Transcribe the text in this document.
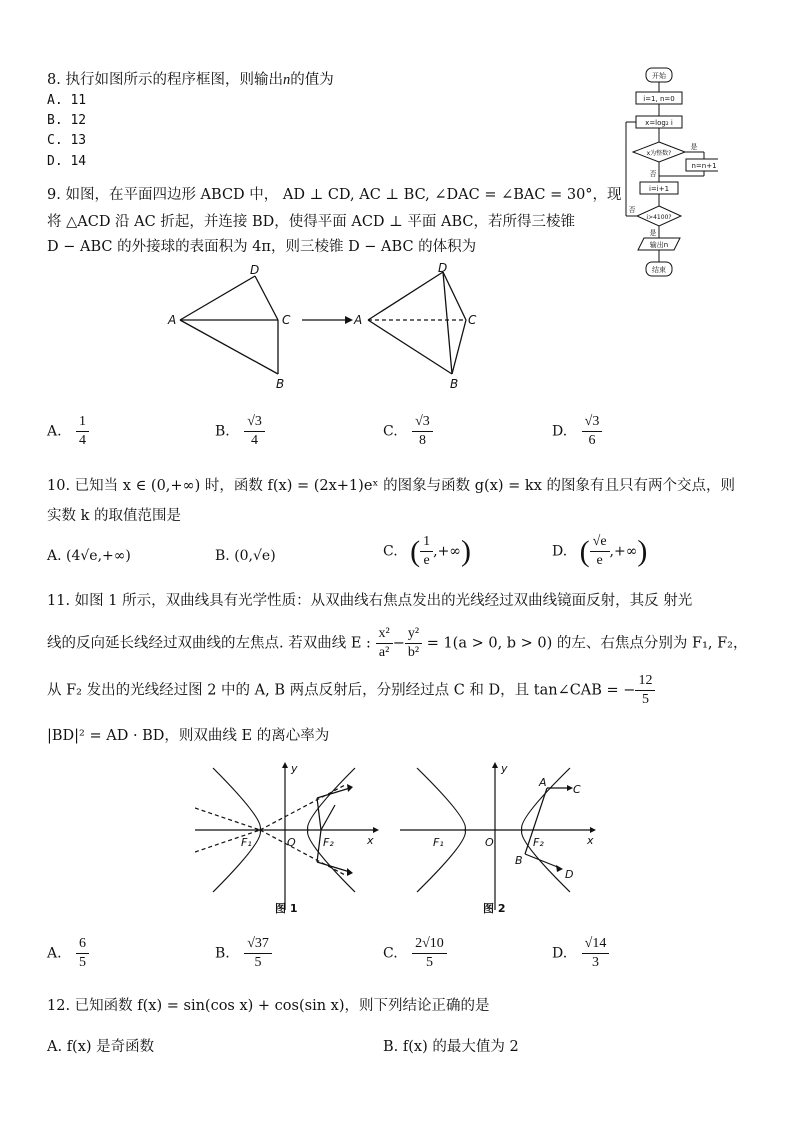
8. 执行如图所示的程序框图，则输出n的值为
A. 11
B. 12
C. 13
D. 14
开始
i=1, n=0
x=log₂ i
x为整数?
是
否
n=n+1
i=i+1
i>4100?
否
是
输出n
结束
9. 如图，在平面四边形 ABCD 中， AD ⊥ CD, AC ⊥ BC, ∠DAC = ∠BAC = 30°，现
将 △ACD 沿 AC 折起，并连接 BD，使得平面 ACD ⊥ 平面 ABC，若所得三棱锥
D − ABC 的外接球的表面积为 4π，则三棱锥 D − ABC 的体积为
D
A	C
B
D
A	C
B
A. $\frac{1}{4}$	B. $\frac{√3}{4}$	C. $\frac{√3}{8}$	D. $\frac{√3}{6}$
10. 已知当 x ∈ (0,+∞) 时，函数 f(x) = (2x+1)eˣ 的图象与函数 g(x) = kx 的图象有且只有两个交点，则
实数 k 的取值范围是
A. (4√e,+∞)	B. (0,√e)	C. ( $\frac{1}{e}$ ,+∞)	D. ( $\frac{√e}{e}$ ,+∞)
11. 如图 1 所示，双曲线具有光学性质：从双曲线右焦点发出的光线经过双曲线镜面反射，其反 射光
线的反向延长线经过双曲线的左焦点. 若双曲线 E : $\frac{\text{x²}}{\text{a²}} - \frac{\text{y²}}{\text{b²}} = 1(a > 0$, b > 0) 的左、右焦点分别为 F₁, F₂，
从 F₂ 发出的光线经过图 2 中的 A, B 两点反射后，分别经过点 C 和 D，且 tan∠CAB = − $\frac{12}{5}$
|BD|² = AD · BD，则双曲线 E 的离心率为
y
x
O
F₁	F₂
y
x
O
F₁	F₂
A
C
B
D
图 1	图 2
A. $\frac{6}{5}$	B. $\frac{√37}{5}$	C. $\frac{2√10}{5}$	D. $\frac{√14}{3}$
12. 已知函数 f(x) = sin(cos x) + cos(sin x)，则下列结论正确的是
A. f(x) 是奇函数	B. f(x) 的最大值为 2
